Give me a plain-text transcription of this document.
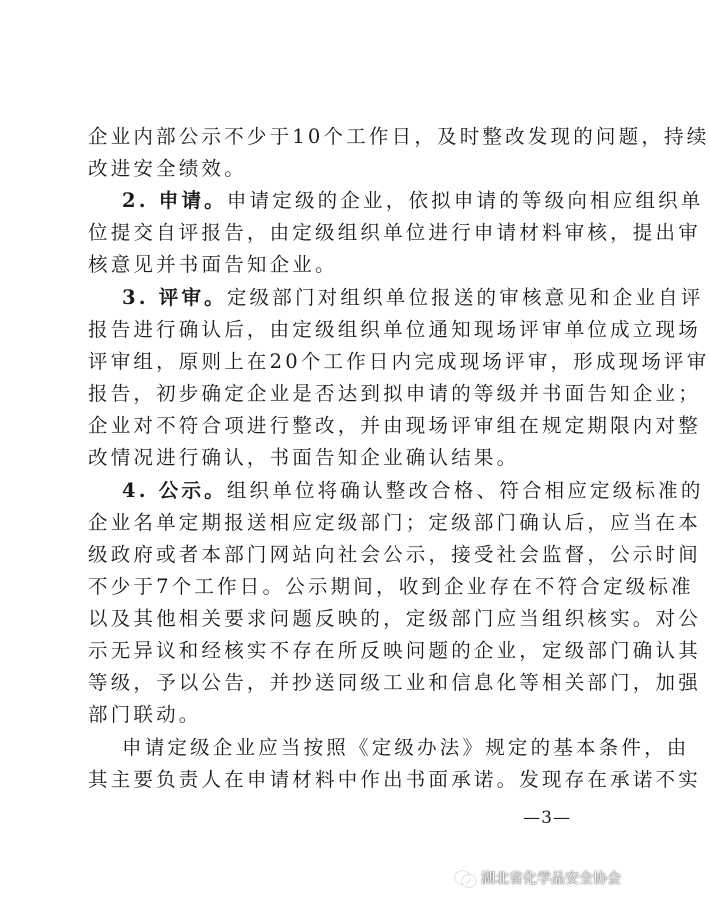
企业内部公示不少于10个工作日，及时整改发现的问题，持续
改进安全绩效。
2. 申请。申请定级的企业，依拟申请的等级向相应组织单
位提交自评报告，由定级组织单位进行申请材料审核，提出审
核意见并书面告知企业。
3. 评审。定级部门对组织单位报送的审核意见和企业自评
报告进行确认后，由定级组织单位通知现场评审单位成立现场
评审组，原则上在20个工作日内完成现场评审，形成现场评审
报告，初步确定企业是否达到拟申请的等级并书面告知企业；
企业对不符合项进行整改，并由现场评审组在规定期限内对整
改情况进行确认，书面告知企业确认结果。
4. 公示。组织单位将确认整改合格、符合相应定级标准的
企业名单定期报送相应定级部门；定级部门确认后，应当在本
级政府或者本部门网站向社会公示，接受社会监督，公示时间
不少于7个工作日。公示期间，收到企业存在不符合定级标准
以及其他相关要求问题反映的，定级部门应当组织核实。对公
示无异议和经核实不存在所反映问题的企业，定级部门确认其
等级，予以公告，并抄送同级工业和信息化等相关部门，加强
部门联动。
申请定级企业应当按照《定级办法》规定的基本条件，由
其主要负责人在申请材料中作出书面承诺。发现存在承诺不实
—3—
湖北省化学品安全协会
